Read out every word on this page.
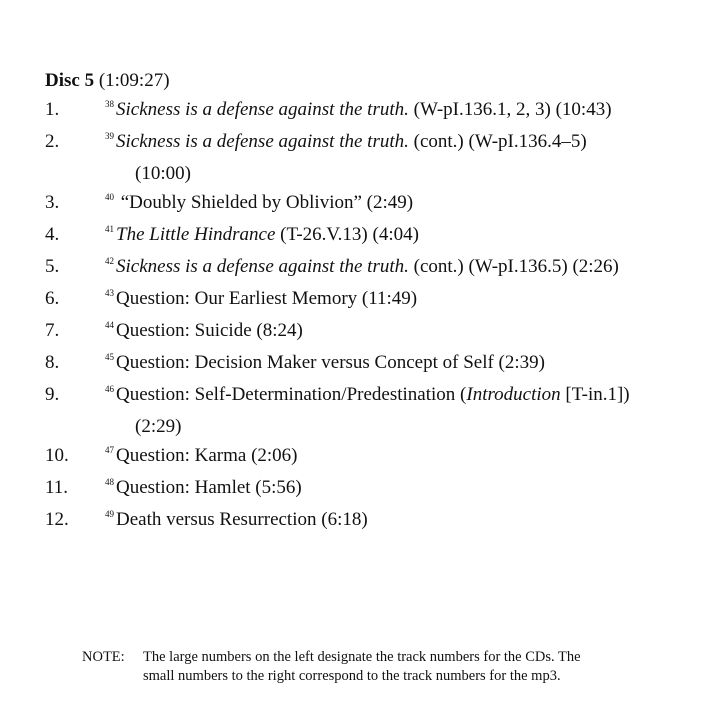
Disc 5 (1:09:27)
1.	$^{38}$ Sickness is a defense against the truth. (W-pI.136.1, 2, 3) (10:43)
2.	$^{39}$ Sickness is a defense against the truth. (cont.) (W-pI.136.4–5)
(10:00)
3.	$^{40}$ “Doubly Shielded by Oblivion” (2:49)
4.	$^{41}$ The Little Hindrance (T-26.V.13) (4:04)
5.	$^{42}$ Sickness is a defense against the truth. (cont.) (W-pI.136.5) (2:26)
6.	$^{43}$ Question: Our Earliest Memory (11:49)
7.	$^{44}$ Question: Suicide (8:24)
8.	$^{45}$ Question: Decision Maker versus Concept of Self (2:39)
9.	$^{46}$ Question: Self-Determination/Predestination (Introduction [T-in.1])
(2:29)
10.	$^{47}$ Question: Karma (2:06)
11.	$^{48}$ Question: Hamlet (5:56)
12.	$^{49}$ Death versus Resurrection (6:18)
NOTE:	The large numbers on the left designate the track numbers for the CDs. The
small numbers to the right correspond to the track numbers for the mp3.
